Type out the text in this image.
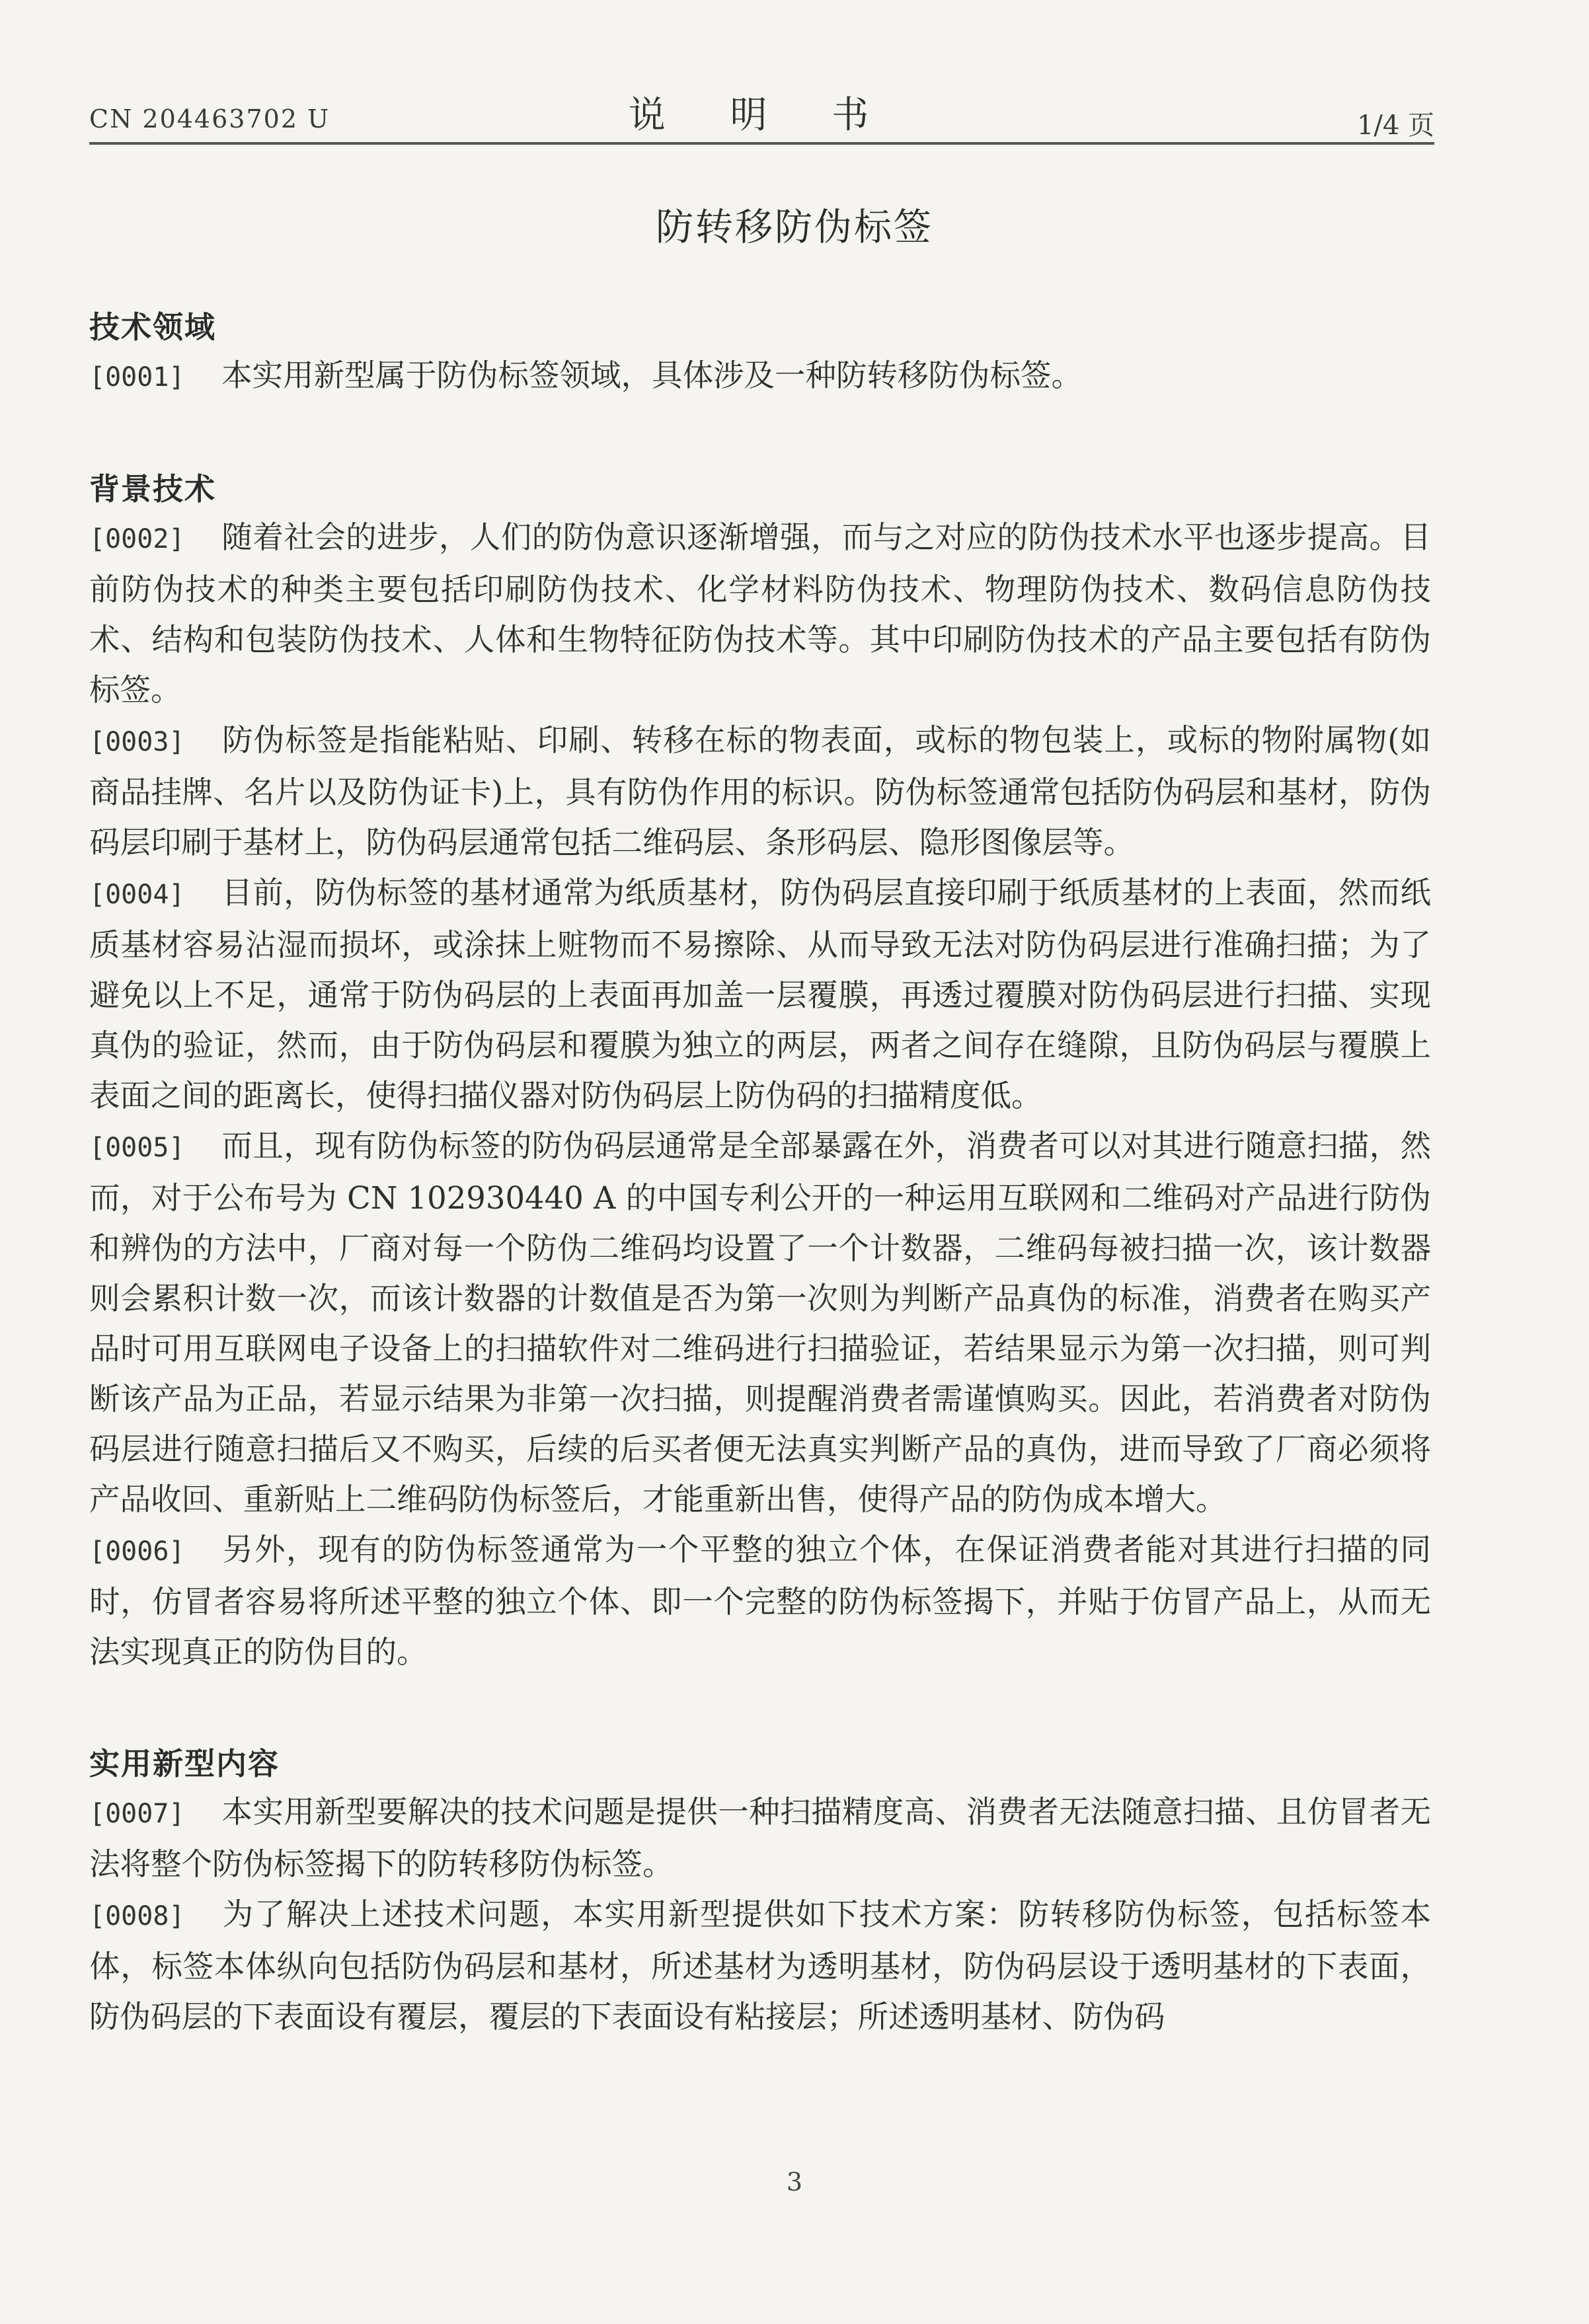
CN 204463702 U	说 明 书	1/4 页
防转移防伪标签
技术领域

[0001] 本实用新型属于防伪标签领域，具体涉及一种防转移防伪标签。

背景技术

[0002] 随着社会的进步，人们的防伪意识逐渐增强，而与之对应的防伪技术水平也逐步提高。目前防伪技术的种类主要包括印刷防伪技术、化学材料防伪技术、物理防伪技术、数码信息防伪技术、结构和包装防伪技术、人体和生物特征防伪技术等。其中印刷防伪技术的产品主要包括有防伪标签。

[0003] 防伪标签是指能粘贴、印刷、转移在标的物表面，或标的物包装上，或标的物附属物(如商品挂牌、名片以及防伪证卡)上，具有防伪作用的标识。防伪标签通常包括防伪码层和基材，防伪码层印刷于基材上，防伪码层通常包括二维码层、条形码层、隐形图像层等。

[0004] 目前，防伪标签的基材通常为纸质基材，防伪码层直接印刷于纸质基材的上表面，然而纸质基材容易沾湿而损坏，或涂抹上赃物而不易擦除、从而导致无法对防伪码层进行准确扫描；为了避免以上不足，通常于防伪码层的上表面再加盖一层覆膜，再透过覆膜对防伪码层进行扫描、实现真伪的验证，然而，由于防伪码层和覆膜为独立的两层，两者之间存在缝隙，且防伪码层与覆膜上表面之间的距离长，使得扫描仪器对防伪码层上防伪码的扫描精度低。

[0005] 而且，现有防伪标签的防伪码层通常是全部暴露在外，消费者可以对其进行随意扫描，然而，对于公布号为 CN 102930440 A 的中国专利公开的一种运用互联网和二维码对产品进行防伪和辨伪的方法中，厂商对每一个防伪二维码均设置了一个计数器，二维码每被扫描一次，该计数器则会累积计数一次，而该计数器的计数值是否为第一次则为判断产品真伪的标准，消费者在购买产品时可用互联网电子设备上的扫描软件对二维码进行扫描验证，若结果显示为第一次扫描，则可判断该产品为正品，若显示结果为非第一次扫描，则提醒消费者需谨慎购买。因此，若消费者对防伪码层进行随意扫描后又不购买，后续的后买者便无法真实判断产品的真伪，进而导致了厂商必须将产品收回、重新贴上二维码防伪标签后，才能重新出售，使得产品的防伪成本增大。

[0006] 另外，现有的防伪标签通常为一个平整的独立个体，在保证消费者能对其进行扫描的同时，仿冒者容易将所述平整的独立个体、即一个完整的防伪标签揭下，并贴于仿冒产品上，从而无法实现真正的防伪目的。

实用新型内容

[0007] 本实用新型要解决的技术问题是提供一种扫描精度高、消费者无法随意扫描、且仿冒者无法将整个防伪标签揭下的防转移防伪标签。

[0008] 为了解决上述技术问题，本实用新型提供如下技术方案：防转移防伪标签，包括标签本体，标签本体纵向包括防伪码层和基材，所述基材为透明基材，防伪码层设于透明基材的下表面，防伪码层的下表面设有覆层，覆层的下表面设有粘接层；所述透明基材、防伪码

3
